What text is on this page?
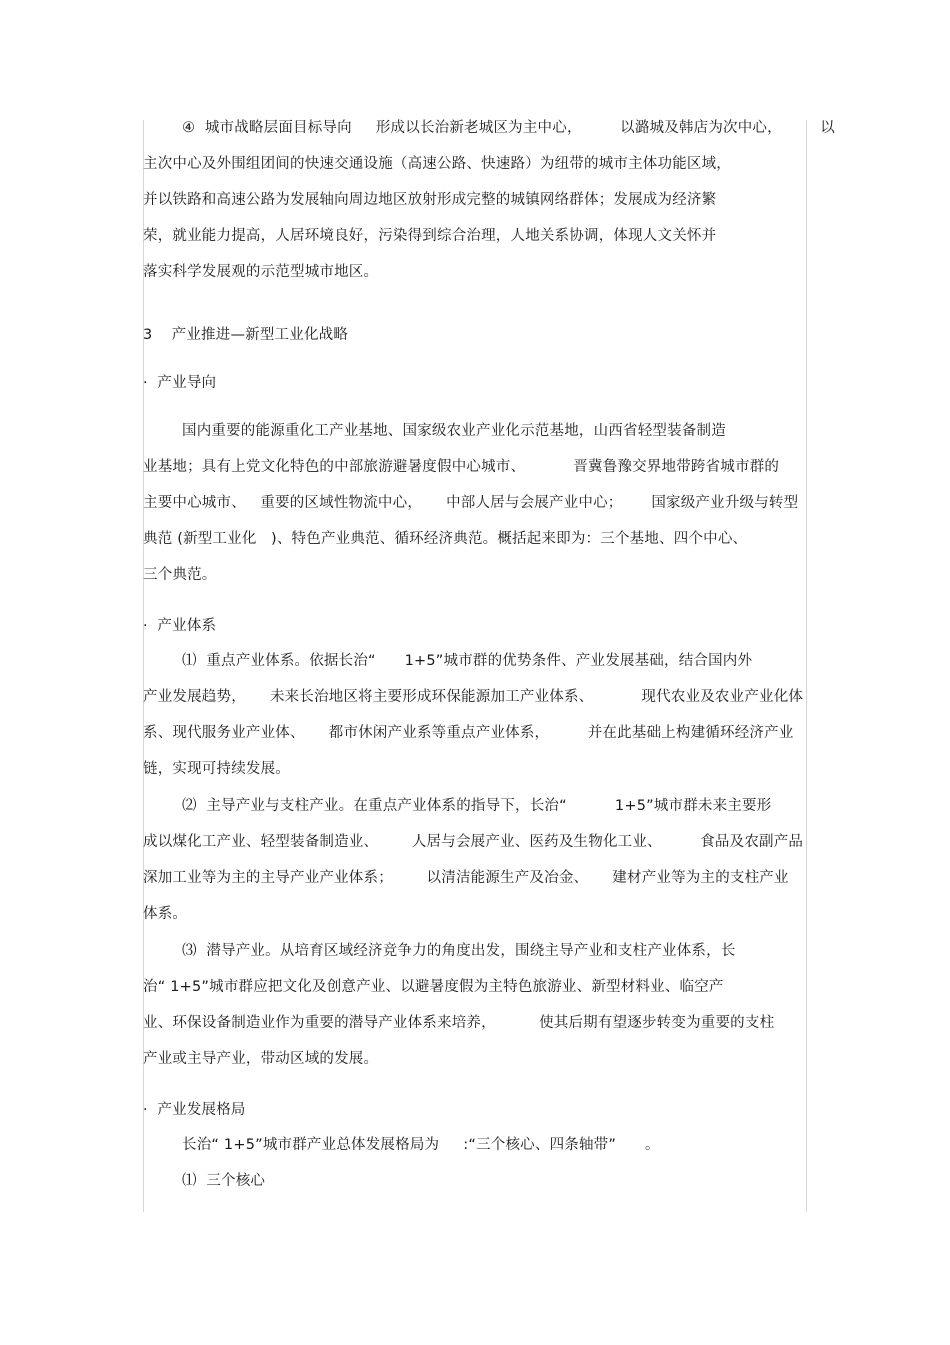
④  城市战略层面目标导向     形成以长治新老城区为主中心，        以潞城及韩店为次中心，        以
主次中心及外围组团间的快速交通设施（高速公路、快速路）为纽带的城市主体功能区域，
并以铁路和高速公路为发展轴向周边地区放射形成完整的城镇网络群体；发展成为经济繁
荣，就业能力提高，人居环境良好，污染得到综合治理，人地关系协调，体现人文关怀并
落实科学发展观的示范型城市地区。
3    产业推进—新型工业化战略
·  产业导向
国内重要的能源重化工产业基地、国家级农业产业化示范基地，山西省轻型装备制造
业基地；具有上党文化特色的中部旅游避暑度假中心城市、          晋冀鲁豫交界地带跨省城市群的
主要中心城市、   重要的区域性物流中心，     中部人居与会展产业中心；      国家级产业升级与转型
典范 (新型工业化   )、特色产业典范、循环经济典范。概括起来即为：三个基地、四个中心、
三个典范。
·  产业体系
⑴  重点产业体系。依据长治“      1+5”城市群的优势条件、产业发展基础，结合国内外
产业发展趋势，     未来长治地区将主要形成环保能源加工产业体系、          现代农业及农业产业化体
系、现代服务业产业体、     都市休闲产业系等重点产业体系，        并在此基础上构建循环经济产业
链，实现可持续发展。
⑵  主导产业与支柱产业。在重点产业体系的指导下，长治“          1+5”城市群未来主要形
成以煤化工产业、轻型装备制造业、       人居与会展产业、医药及生物化工业、        食品及农副产品
深加工业等为主的主导产业产业体系；       以清洁能源生产及冶金、     建材产业等为主的支柱产业
体系。
⑶  潜导产业。从培育区域经济竞争力的角度出发，围绕主导产业和支柱产业体系，长
治“ 1+5”城市群应把文化及创意产业、以避暑度假为主特色旅游业、新型材料业、临空产
业、环保设备制造业作为重要的潜导产业体系来培养，         使其后期有望逐步转变为重要的支柱
产业或主导产业，带动区域的发展。
·  产业发展格局
长治“ 1+5”城市群产业总体发展格局为     :“三个核心、四条轴带”      。
⑴  三个核心
